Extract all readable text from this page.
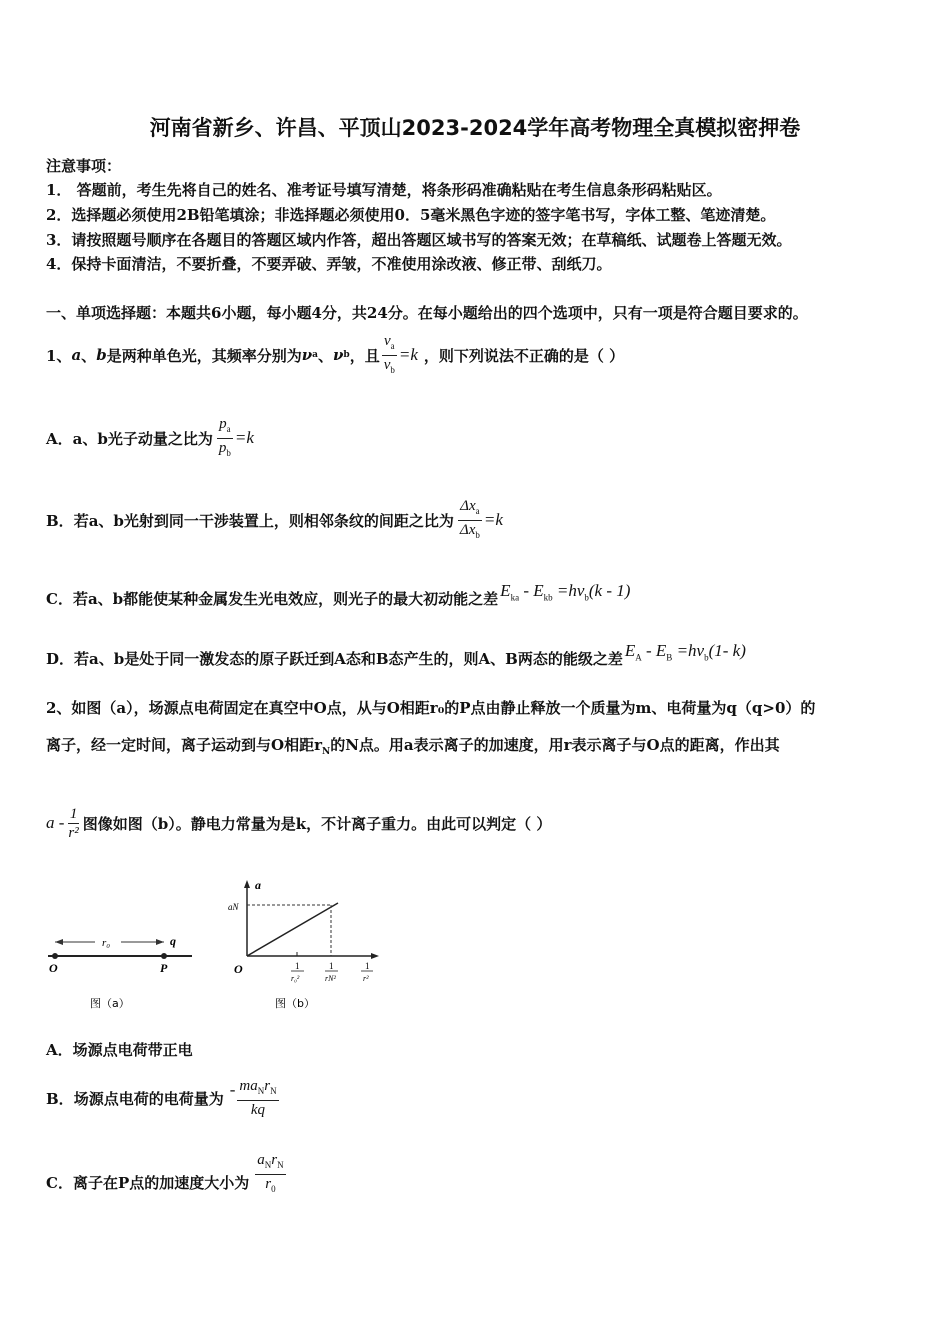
河南省新乡、许昌、平顶山2023-2024学年高考物理全真模拟密押卷
注意事项：
1． 答题前，考生先将自己的姓名、准考证号填写清楚，将条形码准确粘贴在考生信息条形码粘贴区。
2．选择题必须使用2B铅笔填涂；非选择题必须使用0．5毫米黑色字迹的签字笔书写，字体工整、笔迹清楚。
3．请按照题号顺序在各题目的答题区域内作答，超出答题区域书写的答案无效；在草稿纸、试题卷上答题无效。
4．保持卡面清洁，不要折叠，不要弄破、弄皱，不准使用涂改液、修正带、刮纸刀。
一、单项选择题：本题共6小题，每小题4分，共24分。在每小题给出的四个选项中，只有一项是符合题目要求的。
1、 a 、 b 是两种单色光，其频率分别为 ν a 、 ν b ，且 $\frac{v_a}{v_b} =k$ ，则下列说法不正确的是（ ）
A． a、b光子动量之比为 $\frac{p_a}{p_b} =k$
B． 若a、b光射到同一干涉装置上，则相邻条纹的间距之比为 $\frac{\Delta x_a}{\Delta x_b} =k$
C． 若a、b都能使某种金属发生光电效应，则光子的最大初动能之差 $E_{ka} - E_{kb} =h\nu_b(k - 1)$
D． 若a、b是处于同一激发态的原子跃迁到A态和B态产生的，则A、B两态的能级之差 $E_A - E_B =h\nu_b(1-$ k)
2、如图（a），场源点电荷固定在真空中O点，从与O相距r₀的P点由静止释放一个质量为m、电荷量为q（q>0）的
离子，经一定时间，离子运动到与O相距$r_N$的N点。用a表示离子的加速度，用r表示离子与O点的距离，作出其
a - $\frac{1}{\text{r²}}$ 图像如图（b）。静电力常量为是k，不计离子重力。由此可以判定（ ）
r₀	q
O	P
图（a）
a
aN
O	1
r₀²
1
rN²
1
r²
图（b）
A．场源点电荷带正电
B． 场源点电荷的电荷量为 - $\frac{ma_Nr_N}{kq}$
C． 离子在P点的加速度大小为 $\frac{a_Nr_N}{r_0}$
